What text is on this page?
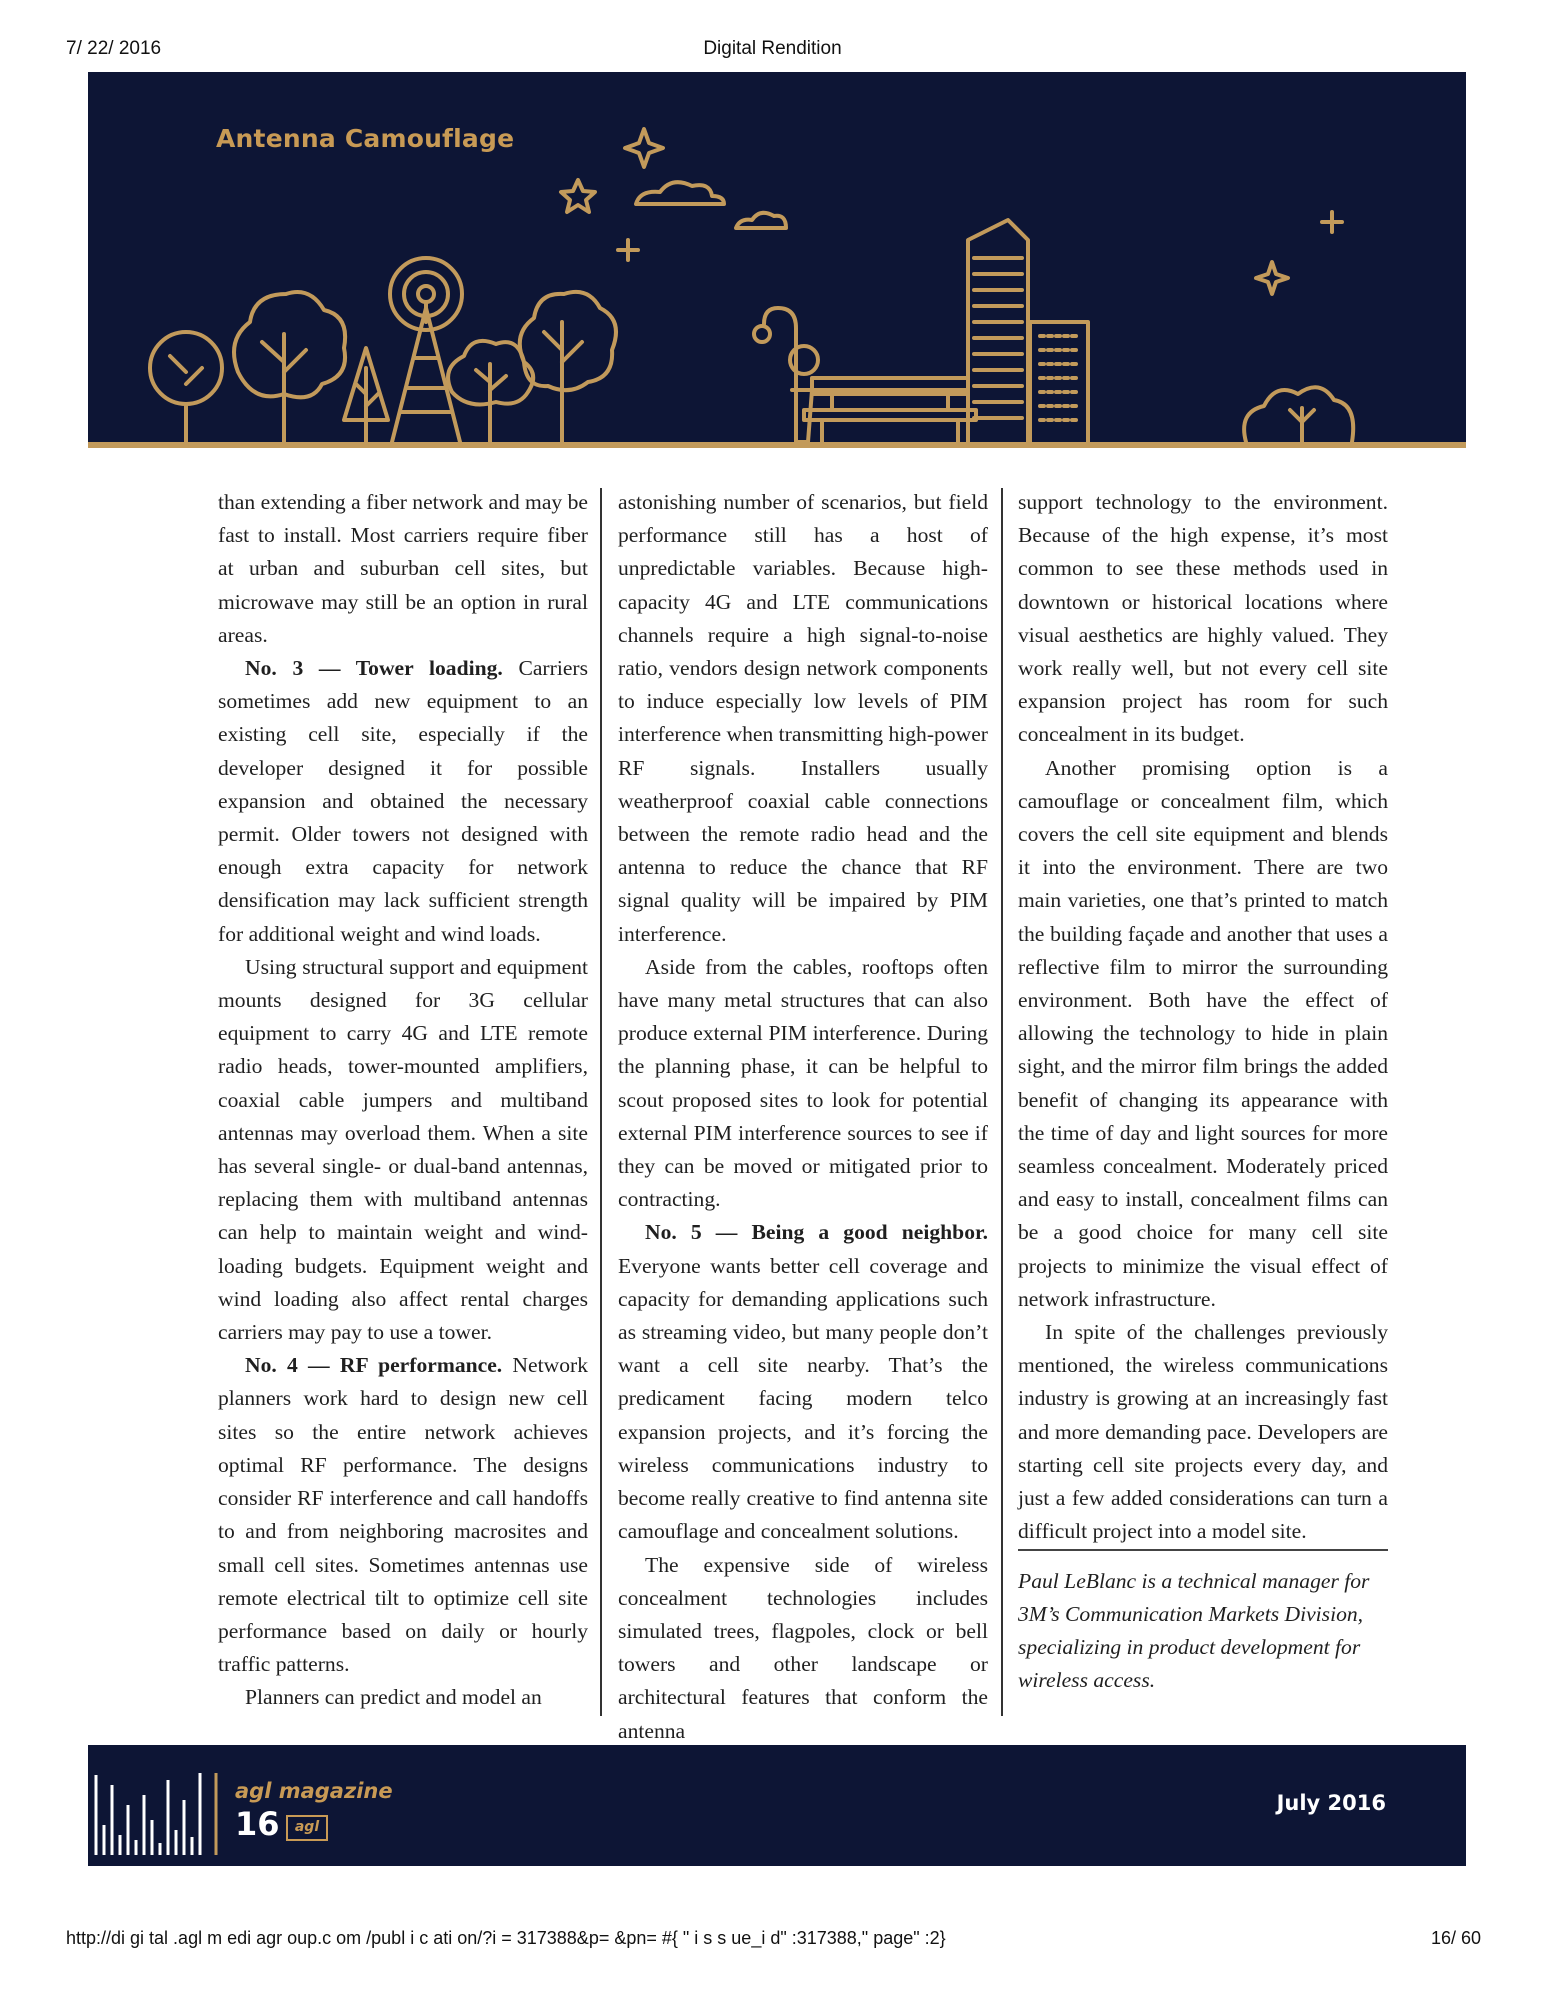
7/ 22/ 2016	Digital Rendition
Antenna Camouflage

than extending a fiber network and may be fast to install. Most carriers require fiber at urban and suburban cell sites, but microwave may still be an option in rural areas.

No. 3 — Tower loading. Carriers sometimes add new equipment to an existing cell site, especially if the developer designed it for possible expansion and obtained the necessary permit. Older towers not designed with enough extra capacity for network densification may lack sufficient strength for additional weight and wind loads.

Using structural support and equipment mounts designed for 3G cellular equipment to carry 4G and LTE remote radio heads, tower-mounted amplifiers, coaxial cable jumpers and multiband antennas may overload them. When a site has several single- or dual-band antennas, replacing them with multiband antennas can help to maintain weight and wind-loading budgets. Equipment weight and wind loading also affect rental charges carriers may pay to use a tower.

No. 4 — RF performance. Network planners work hard to design new cell sites so the entire network achieves optimal RF performance. The designs consider RF interference and call handoffs to and from neighboring macrosites and small cell sites. Sometimes antennas use remote electrical tilt to optimize cell site performance based on daily or hourly traffic patterns.

Planners can predict and model an

astonishing number of scenarios, but field performance still has a host of unpredictable variables. Because high-capacity 4G and LTE communications channels require a high signal-to-noise ratio, vendors design network components to induce especially low levels of PIM interference when transmitting high-power RF signals. Installers usually weatherproof coaxial cable connections between the remote radio head and the antenna to reduce the chance that RF signal quality will be impaired by PIM interference.

Aside from the cables, rooftops often have many metal structures that can also produce external PIM interference. During the planning phase, it can be helpful to scout proposed sites to look for potential external PIM interference sources to see if they can be moved or mitigated prior to contracting.

No. 5 — Being a good neighbor. Everyone wants better cell coverage and capacity for demanding applications such as streaming video, but many people don’t want a cell site nearby. That’s the predicament facing modern telco expansion projects, and it’s forcing the wireless communications industry to become really creative to find antenna site camouflage and concealment solutions.

The expensive side of wireless concealment technologies includes simulated trees, flagpoles, clock or bell towers and other landscape or architectural features that conform the antenna

support technology to the environment. Because of the high expense, it’s most common to see these methods used in downtown or historical locations where visual aesthetics are highly valued. They work really well, but not every cell site expansion project has room for such concealment in its budget.

Another promising option is a camouflage or concealment film, which covers the cell site equipment and blends it into the environment. There are two main varieties, one that’s printed to match the building façade and another that uses a reflective film to mirror the surrounding environment. Both have the effect of allowing the technology to hide in plain sight, and the mirror film brings the added benefit of changing its appearance with the time of day and light sources for more seamless concealment. Moderately priced and easy to install, concealment films can be a good choice for many cell site projects to minimize the visual effect of network infrastructure.

In spite of the challenges previously mentioned, the wireless communications industry is growing at an increasingly fast and more demanding pace. Developers are starting cell site projects every day, and just a few added considerations can turn a difficult project into a model site.

Paul LeBlanc is a technical manager for 3M’s Communication Markets Division, specializing in product development for wireless access.

agl magazine
16	agl
July 2016
http://di gi tal .agl m edi agr oup.c om /publ i c ati on/?i = 317388&p= &pn= #{ " i s s ue_i d" :317388," page" :2}	16/ 60
